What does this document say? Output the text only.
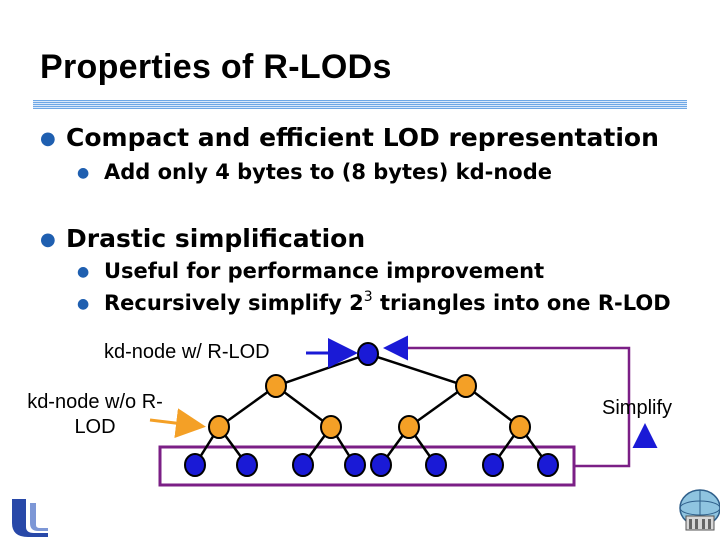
Properties of R-LODs
● Compact and efficient LOD representation
● Add only 4 bytes to (8 bytes) kd-node
● Drastic simplification
● Useful for performance improvement
● Recursively simplify $2^3$ triangles into one R-LOD
kd-node w/ R-LOD
kd-node w/o R-LOD
Simplify
